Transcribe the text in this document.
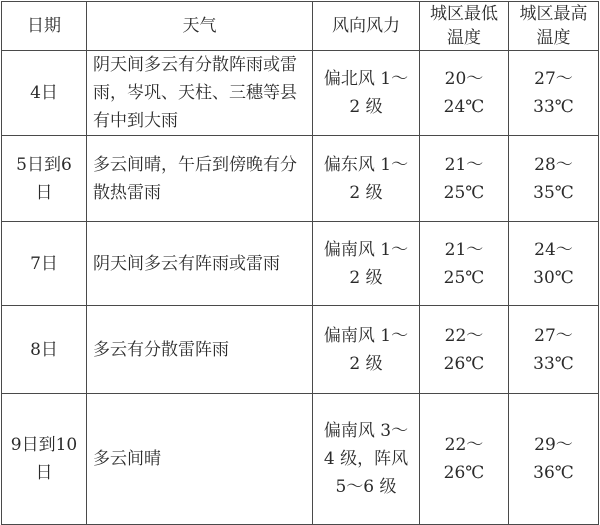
日期	天气	风向风力	城区最低温度	城区最高温度
4日	阴天间多云有分散阵雨或雷雨，岑巩、天柱、三穗等县有中到大雨	偏北风 1～2 级	20～24℃	27～33℃
5日到6日	多云间晴，午后到傍晚有分散热雷雨	偏东风 1～2 级	21～25℃	28～35℃
7日	阴天间多云有阵雨或雷雨	偏南风 1～2 级	21～25℃	24～30℃
8日	多云有分散雷阵雨	偏南风 1～2 级	22～26℃	27～33℃
9日到10日	多云间晴	偏南风 3～4 级，阵风 5～6 级	22～26℃	29～36℃
